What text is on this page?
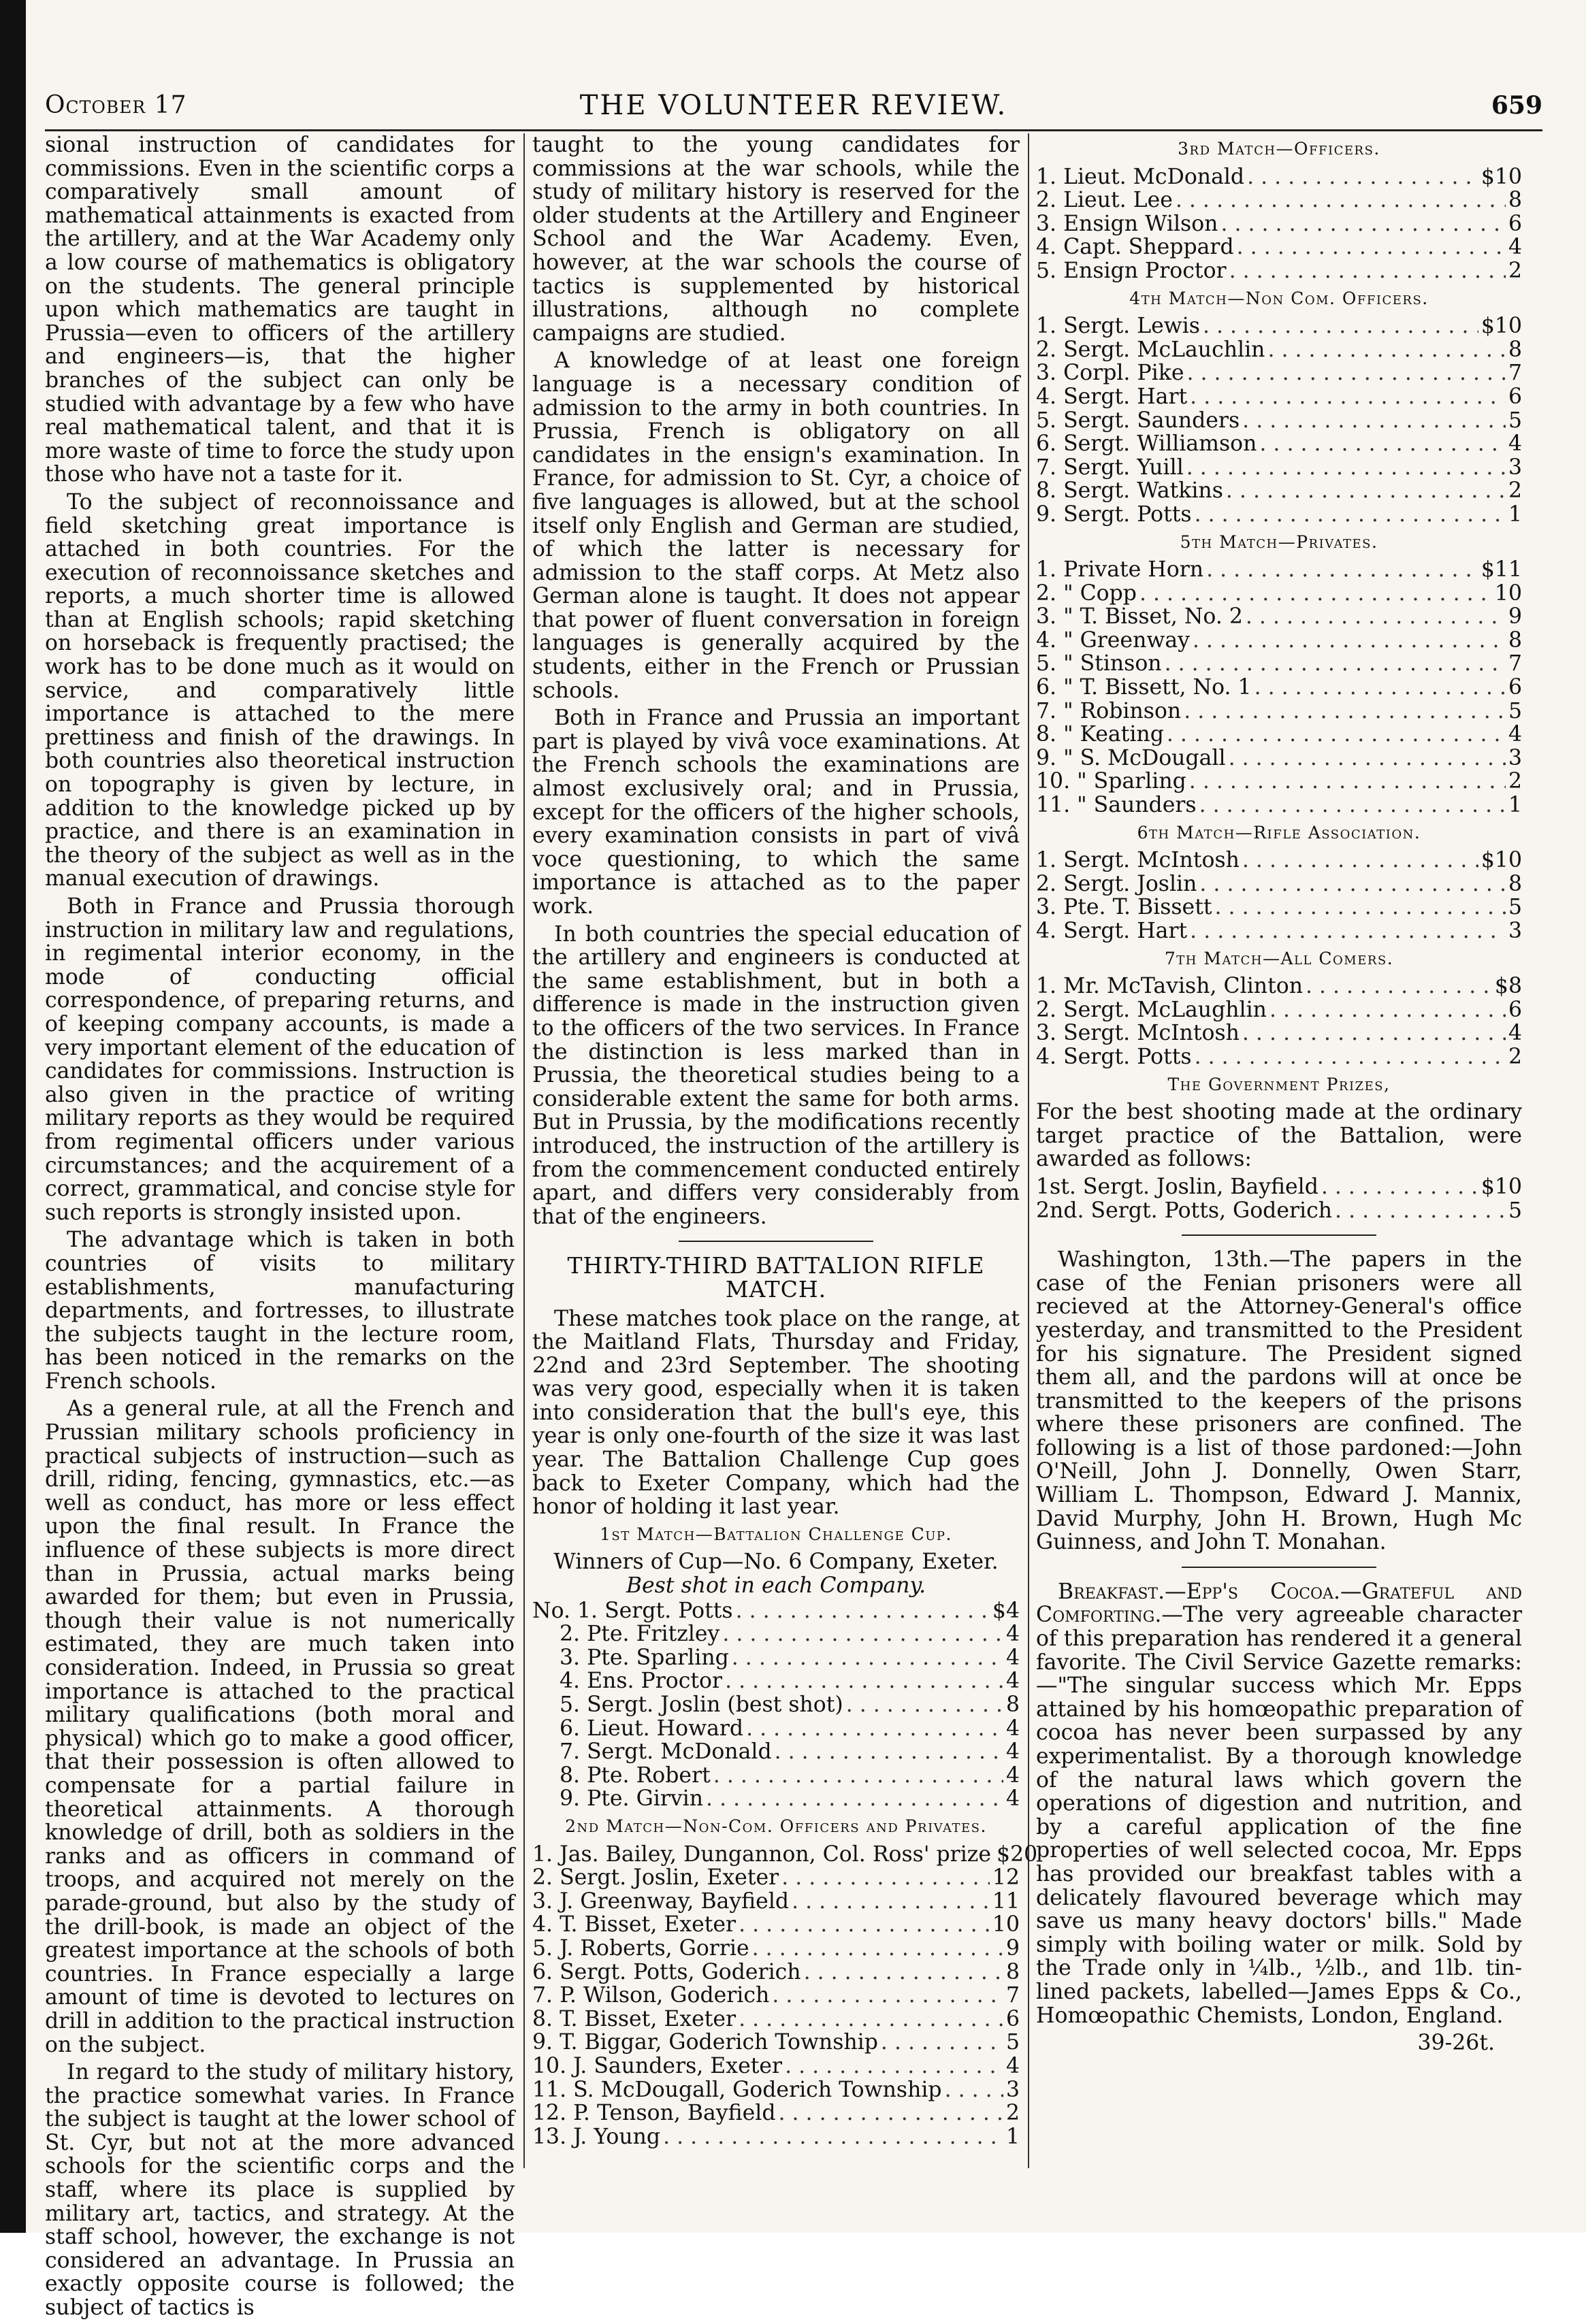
October 17	THE VOLUNTEER REVIEW.	659

sional instruction of candidates for commissions. Even in the scientific corps a comparatively small amount of mathematical attainments is exacted from the artillery, and at the War Academy only a low course of mathematics is obligatory on the students. The general principle upon which mathematics are taught in Prussia—even to officers of the artillery and engineers—is, that the higher branches of the subject can only be studied with advantage by a few who have real mathematical talent, and that it is more waste of time to force the study upon those who have not a taste for it.

To the subject of reconnoissance and field sketching great importance is attached in both countries. For the execution of reconnoissance sketches and reports, a much shorter time is allowed than at English schools; rapid sketching on horseback is frequently practised; the work has to be done much as it would on service, and comparatively little importance is attached to the mere prettiness and finish of the drawings. In both countries also theoretical instruction on topography is given by lecture, in addition to the knowledge picked up by practice, and there is an examination in the theory of the subject as well as in the manual execution of drawings.

Both in France and Prussia thorough instruction in military law and regulations, in regimental interior economy, in the mode of conducting official correspondence, of preparing returns, and of keeping company accounts, is made a very important element of the education of candidates for commissions. Instruction is also given in the practice of writing military reports as they would be required from regimental officers under various circumstances; and the acquirement of a correct, grammatical, and concise style for such reports is strongly insisted upon.

The advantage which is taken in both countries of visits to military establishments, manufacturing departments, and fortresses, to illustrate the subjects taught in the lecture room, has been noticed in the remarks on the French schools.

As a general rule, at all the French and Prussian military schools proficiency in practical subjects of instruction—such as drill, riding, fencing, gymnastics, etc.—as well as conduct, has more or less effect upon the final result. In France the influence of these subjects is more direct than in Prussia, actual marks being awarded for them; but even in Prussia, though their value is not numerically estimated, they are much taken into consideration. Indeed, in Prussia so great importance is attached to the practical military qualifications (both moral and physical) which go to make a good officer, that their possession is often allowed to compensate for a partial failure in theoretical attainments. A thorough knowledge of drill, both as soldiers in the ranks and as officers in command of troops, and acquired not merely on the parade-ground, but also by the study of the drill-book, is made an object of the greatest importance at the schools of both countries. In France especially a large amount of time is devoted to lectures on drill in addition to the practical instruction on the subject.

In regard to the study of military history, the practice somewhat varies. In France the subject is taught at the lower school of St. Cyr, but not at the more advanced schools for the scientific corps and the staff, where its place is supplied by military art, tactics, and strategy. At the staff school, however, the exchange is not considered an advantage. In Prussia an exactly opposite course is followed; the subject of tactics is

taught to the young candidates for commissions at the war schools, while the study of military history is reserved for the older students at the Artillery and Engineer School and the War Academy. Even, however, at the war schools the course of tactics is supplemented by historical illustrations, although no complete campaigns are studied.

A knowledge of at least one foreign language is a necessary condition of admission to the army in both countries. In Prussia, French is obligatory on all candidates in the ensign's examination. In France, for admission to St. Cyr, a choice of five languages is allowed, but at the school itself only English and German are studied, of which the latter is necessary for admission to the staff corps. At Metz also German alone is taught. It does not appear that power of fluent conversation in foreign languages is generally acquired by the students, either in the French or Prussian schools.

Both in France and Prussia an important part is played by vivâ voce examinations. At the French schools the examinations are almost exclusively oral; and in Prussia, except for the officers of the higher schools, every examination consists in part of vivâ voce questioning, to which the same importance is attached as to the paper work.

In both countries the special education of the artillery and engineers is conducted at the same establishment, but in both a difference is made in the instruction given to the officers of the two services. In France the distinction is less marked than in Prussia, the theoretical studies being to a considerable extent the same for both arms. But in Prussia, by the modifications recently introduced, the instruction of the artillery is from the commencement conducted entirely apart, and differs very considerably from that of the engineers.

THIRTY-THIRD BATTALION RIFLE MATCH.

These matches took place on the range, at the Maitland Flats, Thursday and Friday, 22nd and 23rd September. The shooting was very good, especially when it is taken into consideration that the bull's eye, this year is only one-fourth of the size it was last year. The Battalion Challenge Cup goes back to Exeter Company, which had the honor of holding it last year.

1st Match—Battalion Challenge Cup.
Winners of Cup—No. 6 Company, Exeter.
Best shot in each Company.
No. 1. Sergt. Potts . . .	$4
2. Pte. Fritzley . . .	4
3. Pte. Sparling . . .	4
4. Ens. Proctor . . .	4
5. Sergt. Joslin (best shot) . . .	8
6. Lieut. Howard . . .	4
7. Sergt. McDonald . . .	4
8. Pte. Robert . . .	4
9. Pte. Girvin . . .	4
2nd Match—Non-Com. Officers and Privates.
1. Jas. Bailey, Dungannon, Col. Ross' prize $20
2. Sergt. Joslin, Exeter . . .	12
3. J. Greenway, Bayfield . . .	11
4. T. Bisset, Exeter . . .	10
5. J. Roberts, Gorrie . . .	9
6. Sergt. Potts, Goderich . . .	8
7. P. Wilson, Goderich . . .	7
8. T. Bisset, Exeter . . .	6
9. T. Biggar, Goderich Township . . .	5
10. J. Saunders, Exeter . . .	4
11. S. McDougall, Goderich Township . . .	3
12. P. Tenson, Bayfield . . .	2
13. J. Young . . .	1
3rd Match—Officers.
1. Lieut. McDonald . . .	$10
2. Lieut. Lee . . .	8
3. Ensign Wilson . . .	6
4. Capt. Sheppard . . .	4
5. Ensign Proctor . . .	2
4th Match—Non Com. Officers.
1. Sergt. Lewis . . .	$10
2. Sergt. McLauchlin . . .	8
3. Corpl. Pike . . .	7
4. Sergt. Hart . . .	6
5. Sergt. Saunders . . .	5
6. Sergt. Williamson . . .	4
7. Sergt. Yuill . . .	3
8. Sergt. Watkins . . .	2
9. Sergt. Potts . . .	1
5th Match—Privates.
1. Private Horn . . .	$11
2. " Copp . . .	10
3. " T. Bisset, No. 2 . . .	9
4. " Greenway . . .	8
5. " Stinson . . .	7
6. " T. Bissett, No. 1 . . .	6
7. " Robinson . . .	5
8. " Keating . . .	4
9. " S. McDougall . . .	3
10. " Sparling . . .	2
11. " Saunders . . .	1
6th Match—Rifle Association.
1. Sergt. McIntosh . . .	$10
2. Sergt. Joslin . . .	8
3. Pte. T. Bissett . . .	5
4. Sergt. Hart . . .	3
7th Match—All Comers.
1. Mr. McTavish, Clinton . . .	$8
2. Sergt. McLaughlin . . .	6
3. Sergt. McIntosh . . .	4
4. Sergt. Potts . . .	2
The Government Prizes,

For the best shooting made at the ordinary target practice of the Battalion, were awarded as follows:

1st. Sergt. Joslin, Bayfield . . .	$10
2nd. Sergt. Potts, Goderich . . .	5

Washington, 13th.—The papers in the case of the Fenian prisoners were all recieved at the Attorney-General's office yesterday, and transmitted to the President for his signature. The President signed them all, and the pardons will at once be transmitted to the keepers of the prisons where these prisoners are confined. The following is a list of those pardoned:—John O'Neill, John J. Donnelly, Owen Starr, William L. Thompson, Edward J. Mannix, David Murphy, John H. Brown, Hugh Mc Guinness, and John T. Monahan.

Breakfast.—Epp's Cocoa.—Grateful and Comforting.—The very agreeable character of this preparation has rendered it a general favorite. The Civil Service Gazette remarks:—"The singular success which Mr. Epps attained by his homœopathic preparation of cocoa has never been surpassed by any experimentalist. By a thorough knowledge of the natural laws which govern the operations of digestion and nutrition, and by a careful application of the fine properties of well selected cocoa, Mr. Epps has provided our breakfast tables with a delicately flavoured beverage which may save us many heavy doctors' bills." Made simply with boiling water or milk. Sold by the Trade only in ¼lb., ½lb., and 1lb. tin-lined packets, labelled—James Epps & Co., Homœopathic Chemists, London, England.

39-26t.
